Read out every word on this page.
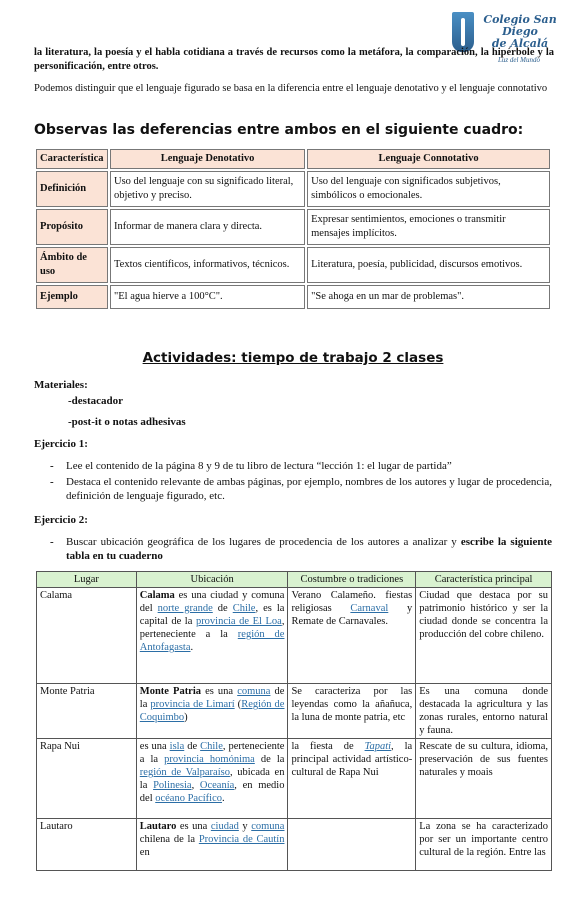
Colegio San Diego
de Alcalá
Luz del Mundo
la literatura, la poesía y el habla cotidiana a través de recursos como la metáfora, la comparación, la hipérbole y la personificación, entre otros.
Podemos distinguir que el lenguaje figurado se basa en la diferencia entre el lenguaje denotativo y el lenguaje connotativo
Observas las deferencias entre ambos en el siguiente cuadro:
Característica	Lenguaje Denotativo	Lenguaje Connotativo
Definición	Uso del lenguaje con su significado literal, objetivo y preciso.	Uso del lenguaje con significados subjetivos, simbólicos o emocionales.
Propósito	Informar de manera clara y directa.	Expresar sentimientos, emociones o transmitir mensajes implícitos.
Ámbito de uso	Textos científicos, informativos, técnicos.	Literatura, poesía, publicidad, discursos emotivos.
Ejemplo	"El agua hierve a 100°C".	"Se ahoga en un mar de problemas".
Actividades: tiempo de trabajo 2 clases
Materiales:
-destacador
-post-it o notas adhesivas
Ejercicio 1:
- Lee el contenido de la página 8 y 9 de tu libro de lectura “lección 1: el lugar de partida”
- Destaca el contenido relevante de ambas páginas, por ejemplo, nombres de los autores y lugar de procedencia, definición de lenguaje figurado, etc.
Ejercicio 2:
- Buscar ubicación geográfica de los lugares de procedencia de los autores a analizar y escribe la siguiente tabla en tu cuaderno
Lugar	Ubicación	Costumbre o tradiciones	Característica principal
Calama	Calama es una ciudad y comuna del norte grande de Chile, es la capital de la provincia de El Loa, perteneciente a la región de Antofagasta.	Verano Calameño. fiestas religiosas Carnaval y Remate de Carnavales.	Ciudad que destaca por su patrimonio histórico y ser la ciudad donde se concentra la producción del cobre chileno.
Monte Patria	Monte Patria es una comuna de la provincia de Limarí (Región de Coquimbo)	Se caracteriza por las leyendas como la añañuca, la luna de monte patria, etc	Es una comuna donde destacada la agricultura y las zonas rurales, entorno natural y fauna.
Rapa Nui	es una isla de Chile, perteneciente a la provincia homónima de la región de Valparaíso, ubicada en la Polinesia, Oceanía, en medio del océano Pacífico.	la fiesta de Tapati, la principal actividad artístico-cultural de Rapa Nui	Rescate de su cultura, idioma, preservación de sus fuentes naturales y moais
Lautaro	Lautaro es una ciudad y comuna chilena de la Provincia de Cautín en		La zona se ha caracterizado por ser un importante centro cultural de la región. Entre las
